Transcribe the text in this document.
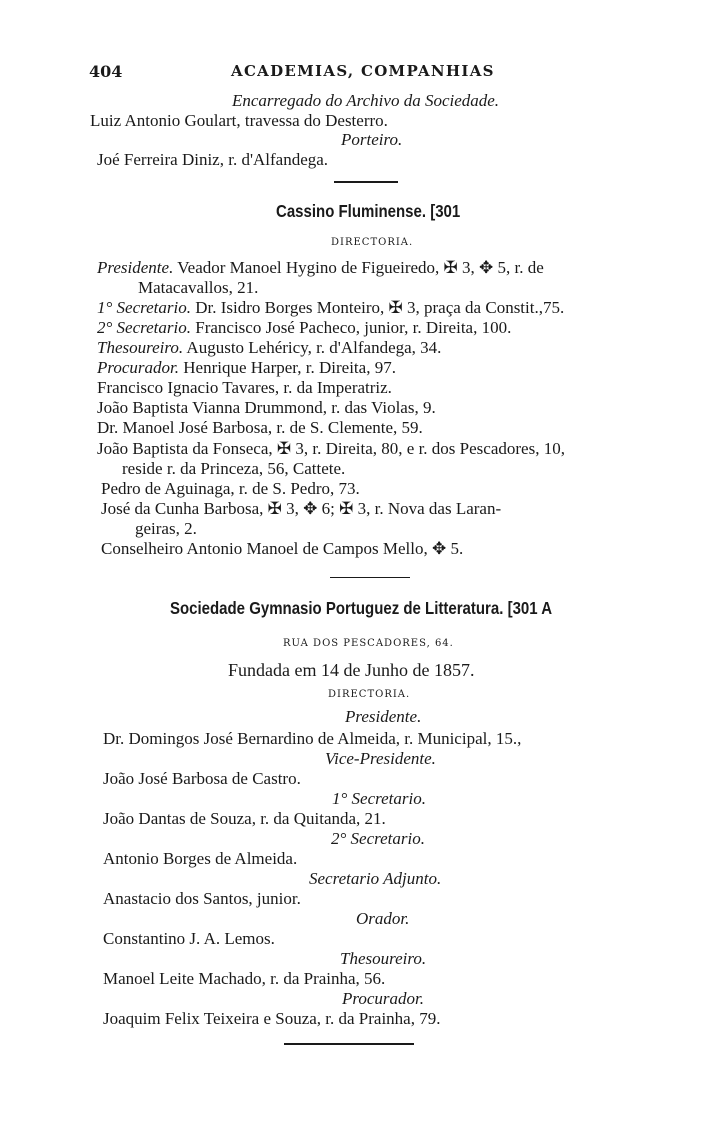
404	ACADEMIAS, COMPANHIAS
Encarregado do Archivo da Sociedade.
Luiz Antonio Goulart, travessa do Desterro.
Porteiro.
Joé Ferreira Diniz, r. d'Alfandega.
Cassino Fluminense. [301
DIRECTORIA.
Presidente. Veador Manoel Hygino de Figueiredo, ✠ 3, ✥ 5, r. de
Matacavallos, 21.
1° Secretario. Dr. Isidro Borges Monteiro, ✠ 3, praça da Constit.,75.
2° Secretario. Francisco José Pacheco, junior, r. Direita, 100.
Thesoureiro. Augusto Lehéricy, r. d'Alfandega, 34.
Procurador. Henrique Harper, r. Direita, 97.
Francisco Ignacio Tavares, r. da Imperatriz.
João Baptista Vianna Drummond, r. das Violas, 9.
Dr. Manoel José Barbosa, r. de S. Clemente, 59.
João Baptista da Fonseca, ✠ 3, r. Direita, 80, e r. dos Pescadores, 10,
reside r. da Princeza, 56, Cattete.
Pedro de Aguinaga, r. de S. Pedro, 73.
José da Cunha Barbosa, ✠ 3, ✥ 6; ✠ 3, r. Nova das Laran-
geiras, 2.
Conselheiro Antonio Manoel de Campos Mello, ✥ 5.
Sociedade Gymnasio Portuguez de Litteratura. [301 A
RUA DOS PESCADORES, 64.
Fundada em 14 de Junho de 1857.
DIRECTORIA.
Presidente.
Dr. Domingos José Bernardino de Almeida, r. Municipal, 15.,
Vice-Presidente.
João José Barbosa de Castro.
1° Secretario.
João Dantas de Souza, r. da Quitanda, 21.
2° Secretario.
Antonio Borges de Almeida.
Secretario Adjunto.
Anastacio dos Santos, junior.
Orador.
Constantino J. A. Lemos.
Thesoureiro.
Manoel Leite Machado, r. da Prainha, 56.
Procurador.
Joaquim Felix Teixeira e Souza, r. da Prainha, 79.
